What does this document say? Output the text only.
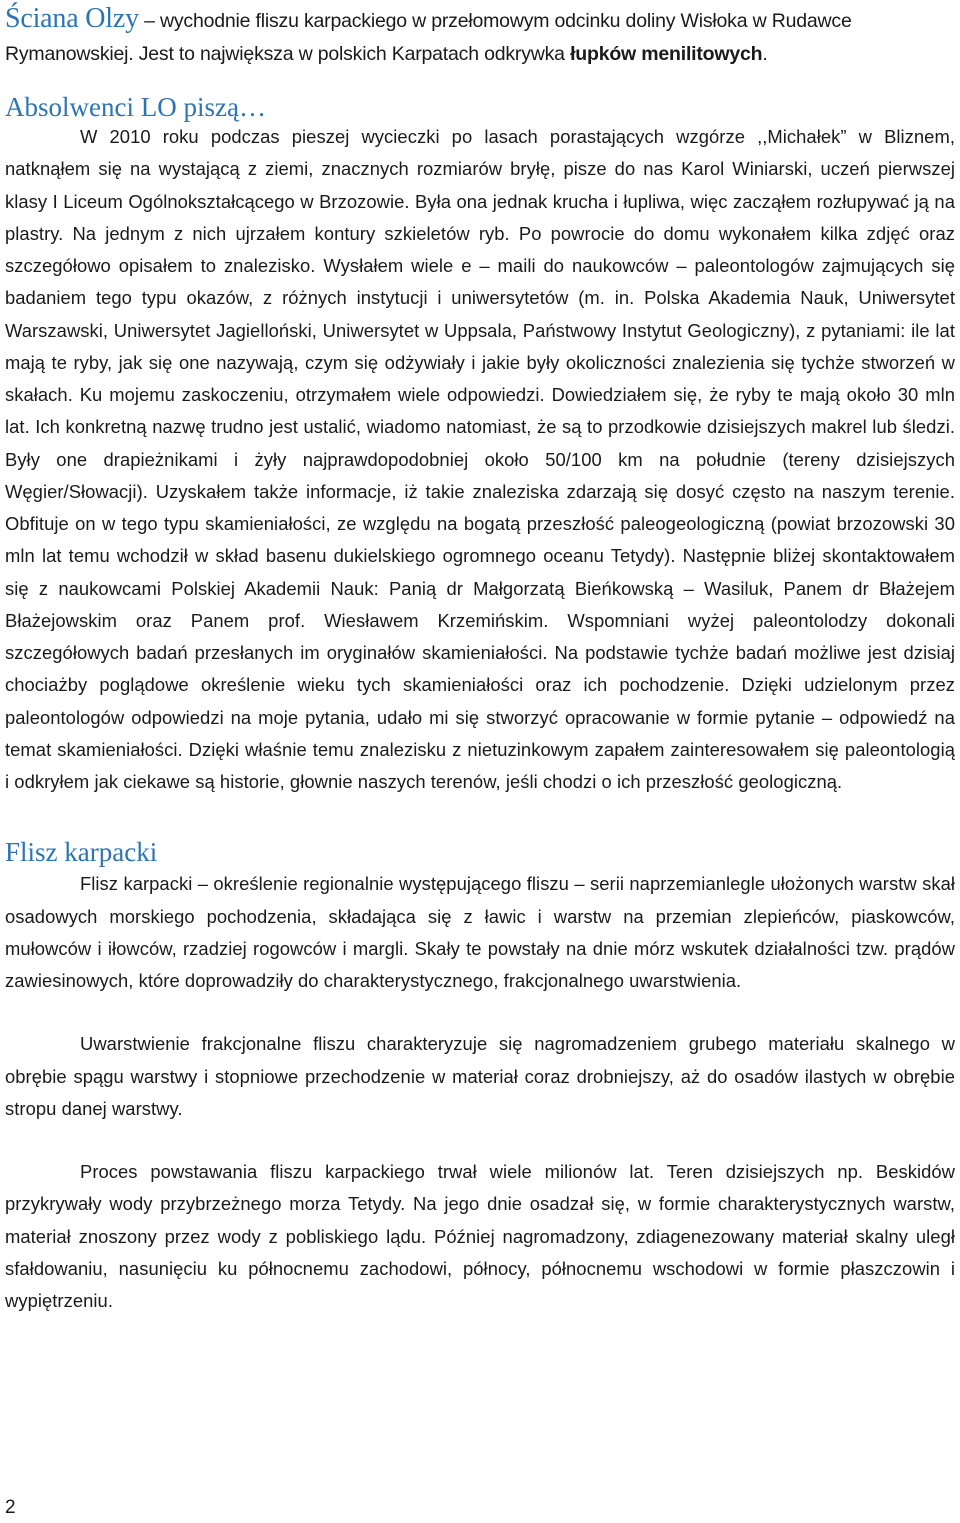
Ściana Olzy – wychodnie fliszu karpackiego w przełomowym odcinku doliny Wisłoka w Rudawce Rymanowskiej. Jest to największa w polskich Karpatach odkrywka łupków menilitowych.

Absolwenci LO piszą…

W 2010 roku podczas pieszej wycieczki po lasach porastających wzgórze ,,Michałek” w Bliznem, natknąłem się na wystającą z ziemi, znacznych rozmiarów bryłę, pisze do nas Karol Winiarski, uczeń pierwszej klasy I Liceum Ogólnokształcącego w Brzozowie. Była ona jednak krucha i łupliwa, więc zacząłem rozłupywać ją na plastry. Na jednym z nich ujrzałem kontury szkieletów ryb. Po powrocie do domu wykonałem kilka zdjęć oraz szczegółowo opisałem to znalezisko. Wysłałem wiele e – maili do naukowców – paleontologów zajmujących się badaniem tego typu okazów, z różnych instytucji i uniwersytetów (m. in. Polska Akademia Nauk, Uniwersytet Warszawski, Uniwersytet Jagielloński, Uniwersytet w Uppsala, Państwowy Instytut Geologiczny), z pytaniami: ile lat mają te ryby, jak się one nazywają, czym się odżywiały i jakie były okoliczności znalezienia się tychże stworzeń w skałach. Ku mojemu zaskoczeniu, otrzymałem wiele odpowiedzi. Dowiedziałem się, że ryby te mają około 30 mln lat. Ich konkretną nazwę trudno jest ustalić, wiadomo natomiast, że są to przodkowie dzisiejszych makrel lub śledzi. Były one drapieżnikami i żyły najprawdopodobniej około 50/100 km na południe (tereny dzisiejszych Węgier/Słowacji). Uzyskałem także informacje, iż takie znaleziska zdarzają się dosyć często na naszym terenie. Obfituje on w tego typu skamieniałości, ze względu na bogatą przeszłość paleogeologiczną (powiat brzozowski 30 mln lat temu wchodził w skład basenu dukielskiego ogromnego oceanu Tetydy). Następnie bliżej skontaktowałem się z naukowcami Polskiej Akademii Nauk: Panią dr Małgorzatą Bieńkowską – Wasiluk, Panem dr Błażejem Błażejowskim oraz Panem prof. Wiesławem Krzemińskim. Wspomniani wyżej paleontolodzy dokonali szczegółowych badań przesłanych im oryginałów skamieniałości. Na podstawie tychże badań możliwe jest dzisiaj chociażby poglądowe określenie wieku tych skamieniałości oraz ich pochodzenie. Dzięki udzielonym przez paleontologów odpowiedzi na moje pytania, udało mi się stworzyć opracowanie w formie pytanie – odpowiedź na temat skamieniałości. Dzięki właśnie temu znalezisku z nietuzinkowym zapałem zainteresowałem się paleontologią i odkryłem jak ciekawe są historie, głownie naszych terenów, jeśli chodzi o ich przeszłość geologiczną.

Flisz karpacki

Flisz karpacki – określenie regionalnie występującego fliszu – serii naprzemianlegle ułożonych warstw skał osadowych morskiego pochodzenia, składająca się z ławic i warstw na przemian zlepieńców, piaskowców, mułowców i iłowców, rzadziej rogowców i margli. Skały te powstały na dnie mórz wskutek działalności tzw. prądów zawiesinowych, które doprowadziły do charakterystycznego, frakcjonalnego uwarstwienia.

Uwarstwienie frakcjonalne fliszu charakteryzuje się nagromadzeniem grubego materiału skalnego w obrębie spągu warstwy i stopniowe przechodzenie w materiał coraz drobniejszy, aż do osadów ilastych w obrębie stropu danej warstwy.

Proces powstawania fliszu karpackiego trwał wiele milionów lat. Teren dzisiejszych np. Beskidów przykrywały wody przybrzeżnego morza Tetydy. Na jego dnie osadzał się, w formie charakterystycznych warstw, materiał znoszony przez wody z pobliskiego lądu. Później nagromadzony, zdiagenezowany materiał skalny uległ sfałdowaniu, nasunięciu ku północnemu zachodowi, północy, północnemu wschodowi w formie płaszczowin i wypiętrzeniu.

2
